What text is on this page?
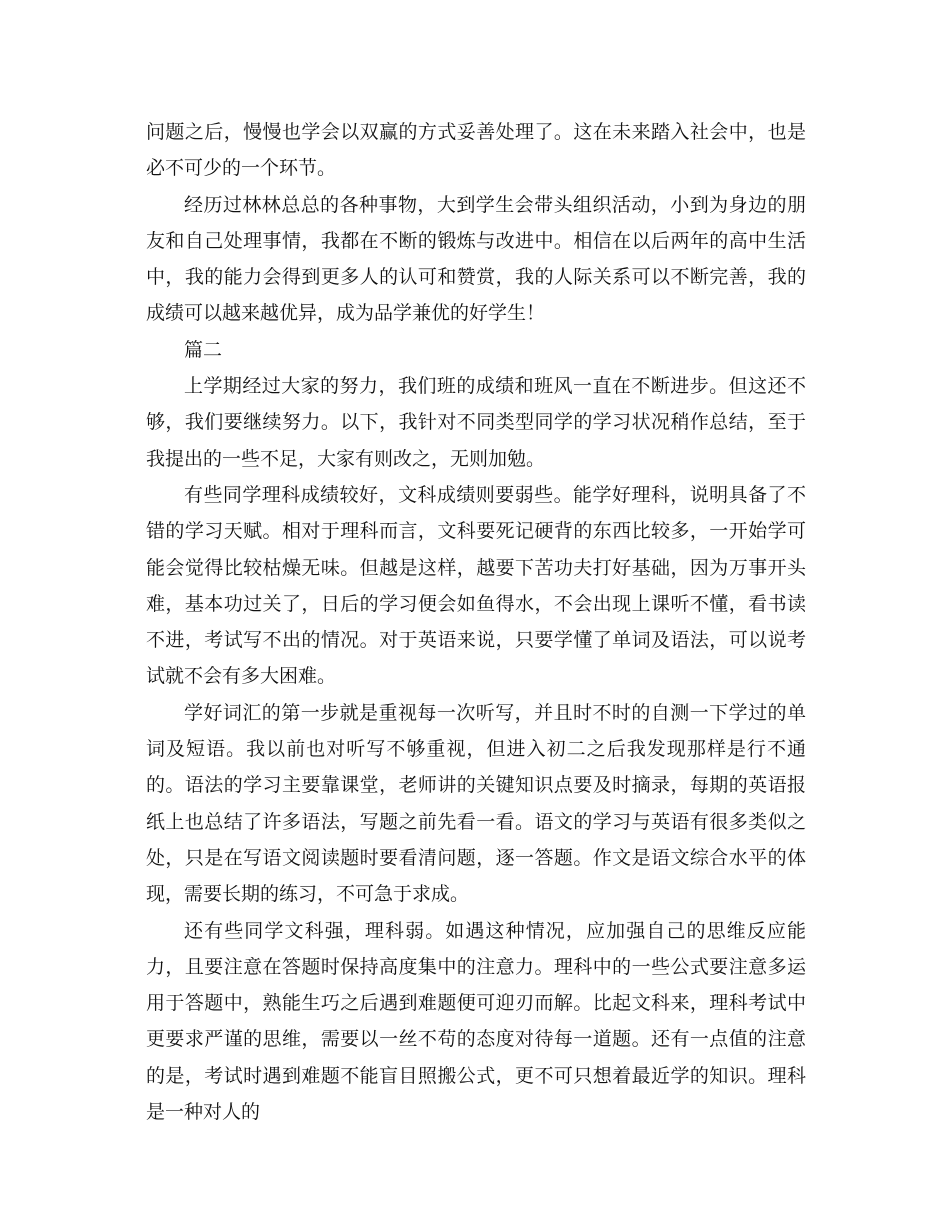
问题之后，慢慢也学会以双赢的方式妥善处理了。这在未来踏入社会中，也是必不可少的一个环节。

经历过林林总总的各种事物，大到学生会带头组织活动，小到为身边的朋友和自己处理事情，我都在不断的锻炼与改进中。相信在以后两年的高中生活中，我的能力会得到更多人的认可和赞赏，我的人际关系可以不断完善，我的成绩可以越来越优异，成为品学兼优的好学生！

篇二

上学期经过大家的努力，我们班的成绩和班风一直在不断进步。但这还不够，我们要继续努力。以下，我针对不同类型同学的学习状况稍作总结，至于我提出的一些不足，大家有则改之，无则加勉。

有些同学理科成绩较好，文科成绩则要弱些。能学好理科，说明具备了不错的学习天赋。相对于理科而言，文科要死记硬背的东西比较多，一开始学可能会觉得比较枯燥无味。但越是这样，越要下苦功夫打好基础，因为万事开头难，基本功过关了，日后的学习便会如鱼得水，不会出现上课听不懂，看书读不进，考试写不出的情况。对于英语来说，只要学懂了单词及语法，可以说考试就不会有多大困难。

学好词汇的第一步就是重视每一次听写，并且时不时的自测一下学过的单词及短语。我以前也对听写不够重视，但进入初二之后我发现那样是行不通的。语法的学习主要靠课堂，老师讲的关键知识点要及时摘录，每期的英语报纸上也总结了许多语法，写题之前先看一看。语文的学习与英语有很多类似之处，只是在写语文阅读题时要看清问题，逐一答题。作文是语文综合水平的体现，需要长期的练习，不可急于求成。

还有些同学文科强，理科弱。如遇这种情况，应加强自己的思维反应能力，且要注意在答题时保持高度集中的注意力。理科中的一些公式要注意多运用于答题中，熟能生巧之后遇到难题便可迎刃而解。比起文科来，理科考试中更要求严谨的思维，需要以一丝不苟的态度对待每一道题。还有一点值的注意的是，考试时遇到难题不能盲目照搬公式，更不可只想着最近学的知识。理科是一种对人的
